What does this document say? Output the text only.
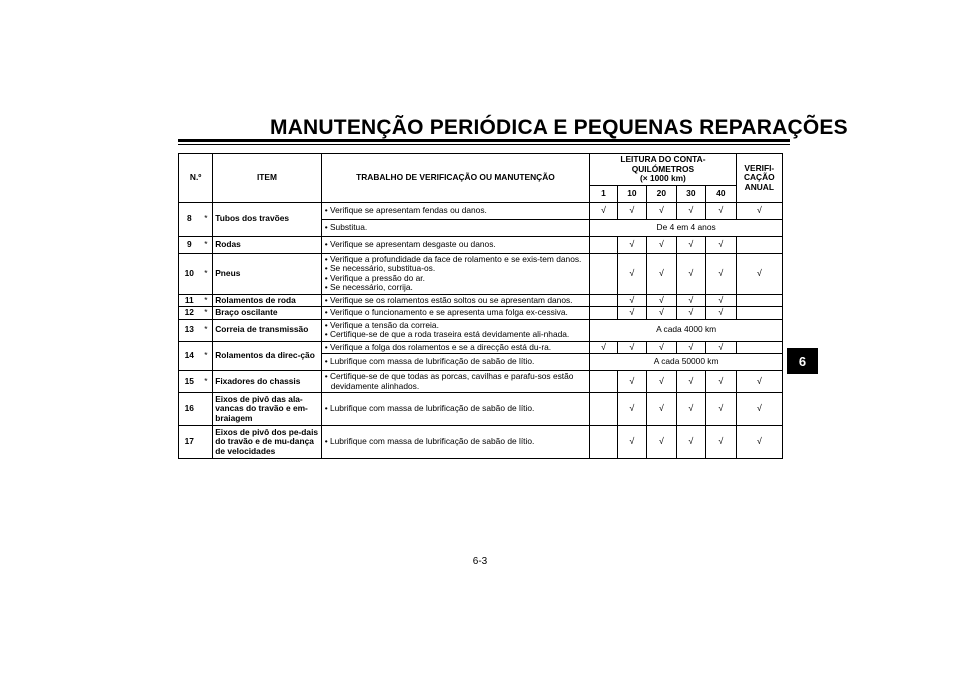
MANUTENÇÃO PERIÓDICA E PEQUENAS REPARAÇÕES
6
N.º		ITEM	TRABALHO DE VERIFICAÇÃO OU MANUTENÇÃO	LEITURA DO CONTA-QUILÓMETROS
(× 1000 km)					VERIFI-CAÇÃO ANUAL
				1	10	20	30	40	
8	*	Tubos dos travões	• Verifique se apresentam fendas ou danos.	√	√	√	√	√	√

			• Substitua.	De 4 em 4 anos					
9	*	Rodas	• Verifique se apresentam desgaste ou danos.		√	√	√	√	
10	*	Pneus	• Verifique a profundidade da face de rolamento e se exis-tem danos.
• Se necessário, substitua-os.
• Verifique a pressão do ar.
• Se necessário, corrija.		√	√	√	√	√
11	*	Rolamentos de roda	• Verifique se os rolamentos estão soltos ou se apresentam danos.		√	√	√	√	
12	*	Braço oscilante	• Verifique o funcionamento e se apresenta uma folga ex-cessiva.		√	√	√	√	
13	*	Correia de transmissão	• Verifique a tensão da correia.
• Certifique-se de que a roda traseira está devidamente ali-nhada.	A cada 4000 km					
14	*	Rolamentos da direc-ção	• Verifique a folga dos rolamentos e se a direcção está du-ra.	√	√	√	√	√	

			• Lubrifique com massa de lubrificação de sabão de lítio.	A cada 50000 km					
15	*	Fixadores do chassis	• Certifique-se de que todas as porcas, cavilhas e parafu-sos estão devidamente alinhados.		√	√	√	√	√
16		Eixos de pivô das ala-vancas do travão e em-braiagem	• Lubrifique com massa de lubrificação de sabão de lítio.		√	√	√	√	√
17		Eixos de pivô dos pe-dais do travão e de mu-dança de velocidades	• Lubrifique com massa de lubrificação de sabão de lítio.		√	√	√	√	√
6-3
